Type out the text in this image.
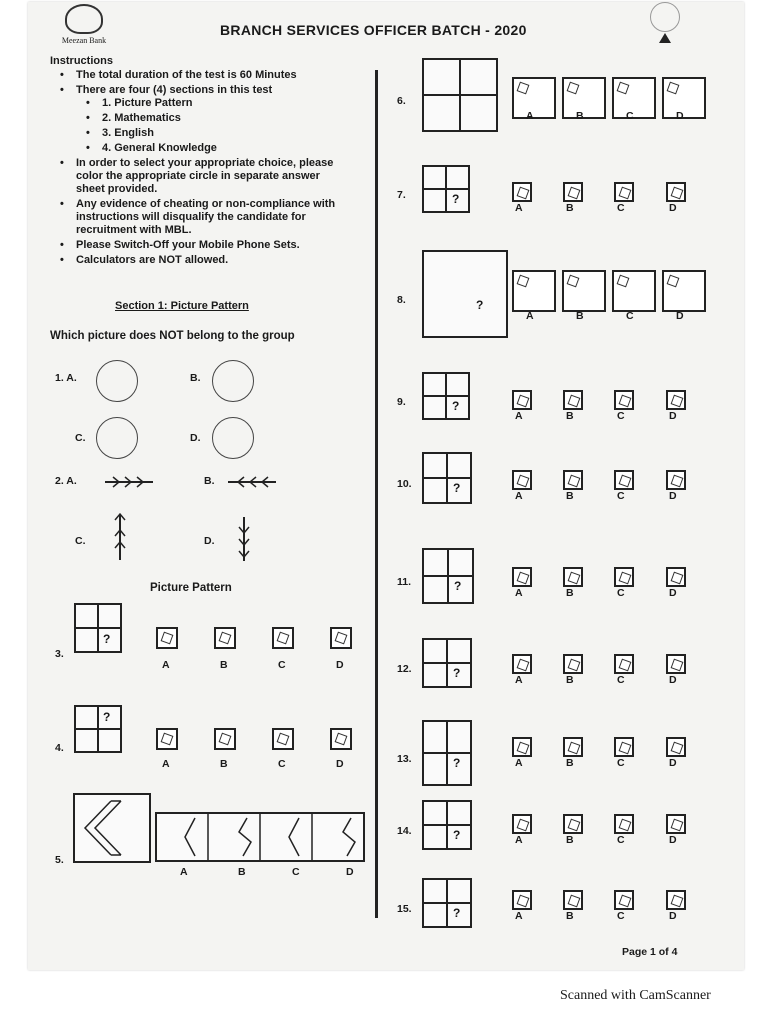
Meezan Bank
BRANCH SERVICES OFFICER BATCH - 2020
Instructions
• The total duration of the test is 60 Minutes
• There are four (4) sections in this test
• 1. Picture Pattern
• 2. Mathematics
• 3. English
• 4. General Knowledge
• In order to select your appropriate choice, please color the appropriate circle in separate answer sheet provided.
• Any evidence of cheating or non-compliance with instructions will disqualify the candidate for recruitment with MBL.
• Please Switch-Off your Mobile Phone Sets.
• Calculators are NOT allowed.
Section 1: Picture Pattern
Which picture does NOT belong to the group
1. A.	B.
C.	D.
2. A.	B.
C.	D.
Picture Pattern
3.
?
A	B	C	D
4.
?
A	B	C	D
5.
A	B	C	D
6.
A	B	C	D
7.	?
A	B	C	D
8.	?
A	B	C	D
9.	?
A	B	C	D
10.	?
A	B	C	D
11.	?	A	B	C	D
12.	?	A	B	C	D
13.	?	A	B	C	D
14.	?	A	B	C	D
15.	?	A	B	C	D
Page 1 of 4
Scanned with CamScanner
